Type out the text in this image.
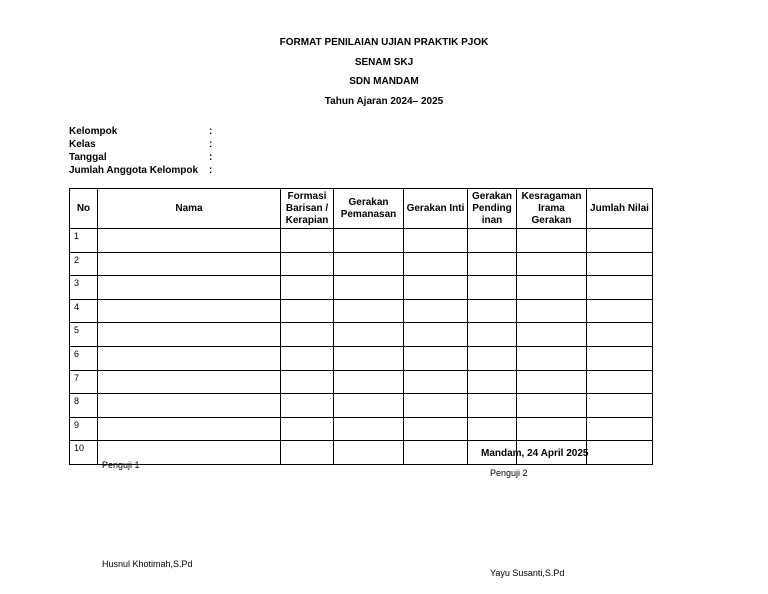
FORMAT PENILAIAN UJIAN PRAKTIK PJOK
SENAM SKJ
SDN MANDAM
Tahun Ajaran 2024– 2025
Kelompok	:
Kelas	:
Tanggal	:
Jumlah Anggota Kelompok :
No	Nama	Formasi Barisan / Kerapian	Gerakan Pemanasan	Gerakan Inti	Gerakan Pending inan	Kesragaman Irama Gerakan	Jumlah Nilai
1							
2							
3							
4							
5							
6							
7							
8							
9							
10								Mandam, 24 April 2025
Penguji 1
Penguji 2
Husnul Khotimah,S.Pd
Yayu Susanti,S.Pd
